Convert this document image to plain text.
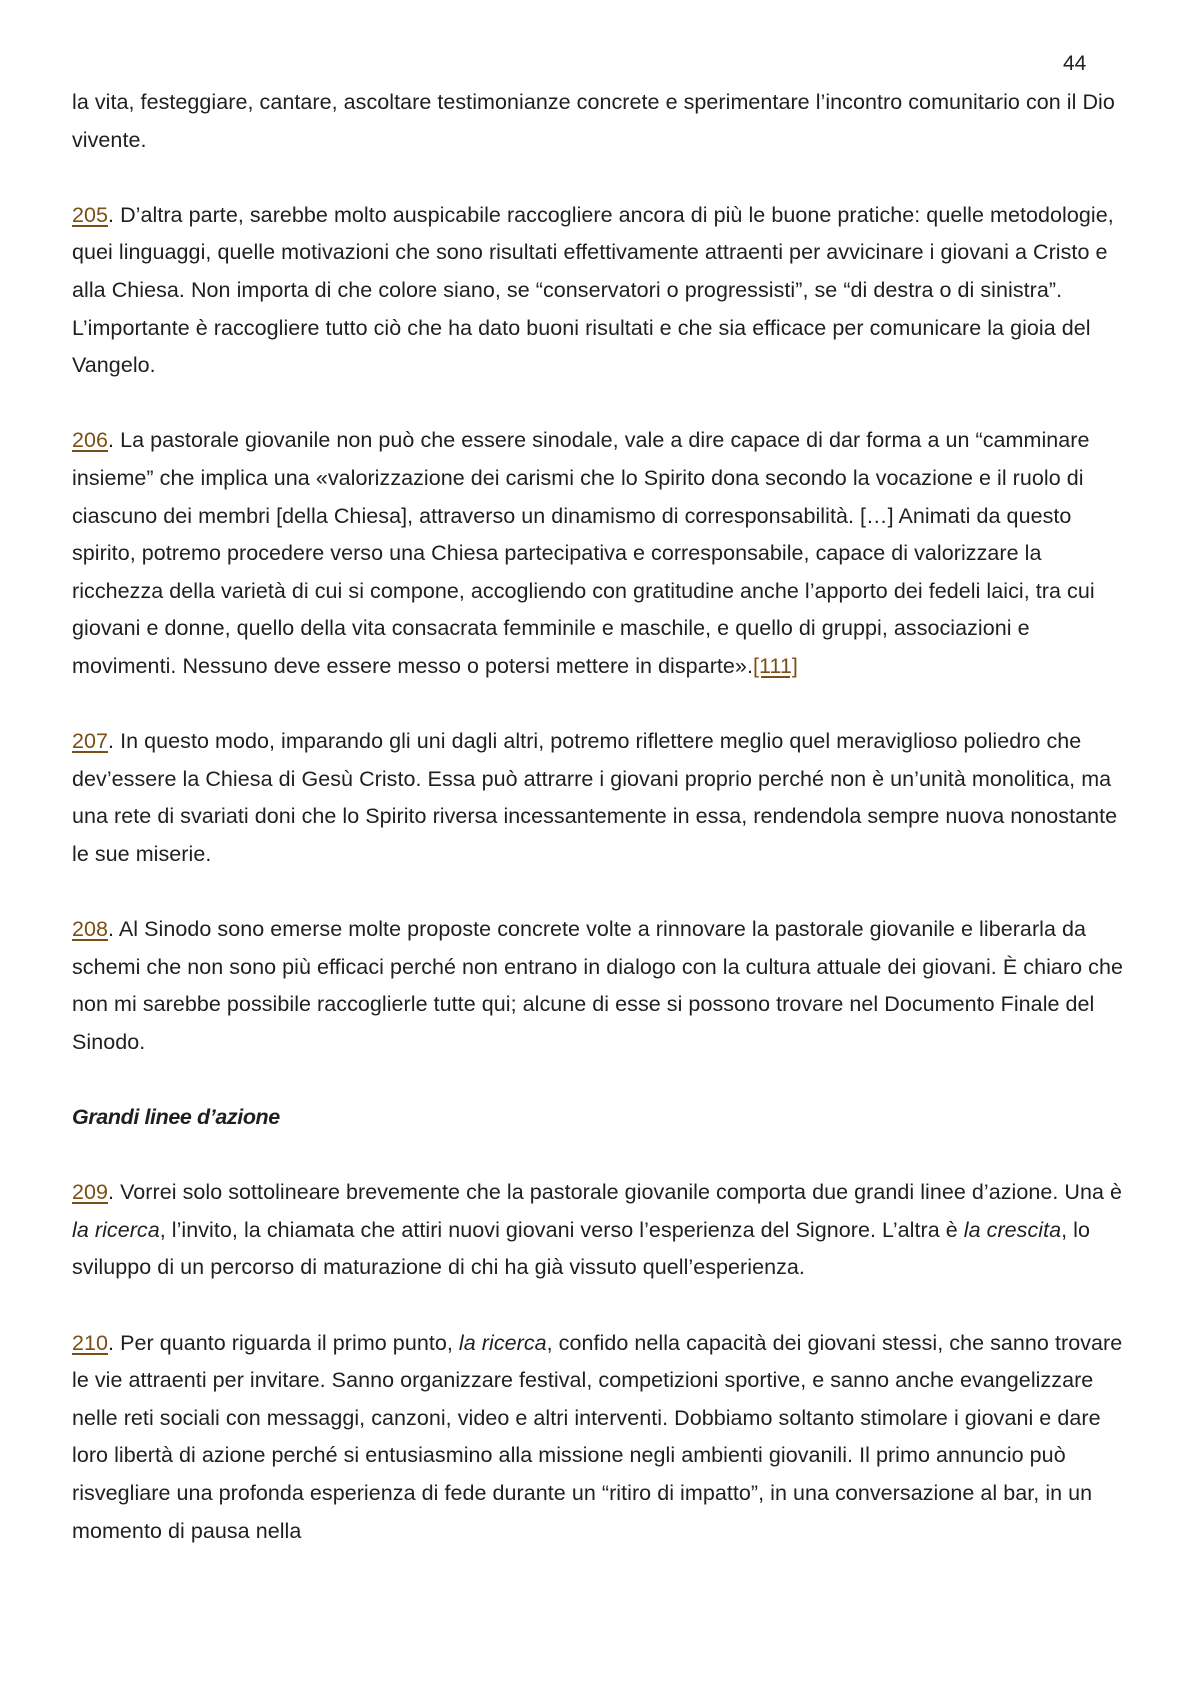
44

la vita, festeggiare, cantare, ascoltare testimonianze concrete e sperimentare l’incontro comunitario con il Dio vivente.

205. D’altra parte, sarebbe molto auspicabile raccogliere ancora di più le buone pratiche: quelle metodologie, quei linguaggi, quelle motivazioni che sono risultati effettivamente attraenti per avvicinare i giovani a Cristo e alla Chiesa. Non importa di che colore siano, se “conservatori o progressisti”, se “di destra o di sinistra”. L’importante è raccogliere tutto ciò che ha dato buoni risultati e che sia efficace per comunicare la gioia del Vangelo.

206. La pastorale giovanile non può che essere sinodale, vale a dire capace di dar forma a un “camminare insieme” che implica una «valorizzazione dei carismi che lo Spirito dona secondo la vocazione e il ruolo di ciascuno dei membri [della Chiesa], attraverso un dinamismo di corresponsabilità. […] Animati da questo spirito, potremo procedere verso una Chiesa partecipativa e corresponsabile, capace di valorizzare la ricchezza della varietà di cui si compone, accogliendo con gratitudine anche l’apporto dei fedeli laici, tra cui giovani e donne, quello della vita consacrata femminile e maschile, e quello di gruppi, associazioni e movimenti. Nessuno deve essere messo o potersi mettere in disparte».[111]

207. In questo modo, imparando gli uni dagli altri, potremo riflettere meglio quel meraviglioso poliedro che dev’essere la Chiesa di Gesù Cristo. Essa può attrarre i giovani proprio perché non è un’unità monolitica, ma una rete di svariati doni che lo Spirito riversa incessantemente in essa, rendendola sempre nuova nonostante le sue miserie.

208. Al Sinodo sono emerse molte proposte concrete volte a rinnovare la pastorale giovanile e liberarla da schemi che non sono più efficaci perché non entrano in dialogo con la cultura attuale dei giovani. È chiaro che non mi sarebbe possibile raccoglierle tutte qui; alcune di esse si possono trovare nel Documento Finale del Sinodo.

Grandi linee d’azione

209. Vorrei solo sottolineare brevemente che la pastorale giovanile comporta due grandi linee d’azione. Una è la ricerca, l’invito, la chiamata che attiri nuovi giovani verso l’esperienza del Signore. L’altra è la crescita, lo sviluppo di un percorso di maturazione di chi ha già vissuto quell’esperienza.

210. Per quanto riguarda il primo punto, la ricerca, confido nella capacità dei giovani stessi, che sanno trovare le vie attraenti per invitare. Sanno organizzare festival, competizioni sportive, e sanno anche evangelizzare nelle reti sociali con messaggi, canzoni, video e altri interventi. Dobbiamo soltanto stimolare i giovani e dare loro libertà di azione perché si entusiasmino alla missione negli ambienti giovanili. Il primo annuncio può risvegliare una profonda esperienza di fede durante un “ritiro di impatto”, in una conversazione al bar, in un momento di pausa nella
